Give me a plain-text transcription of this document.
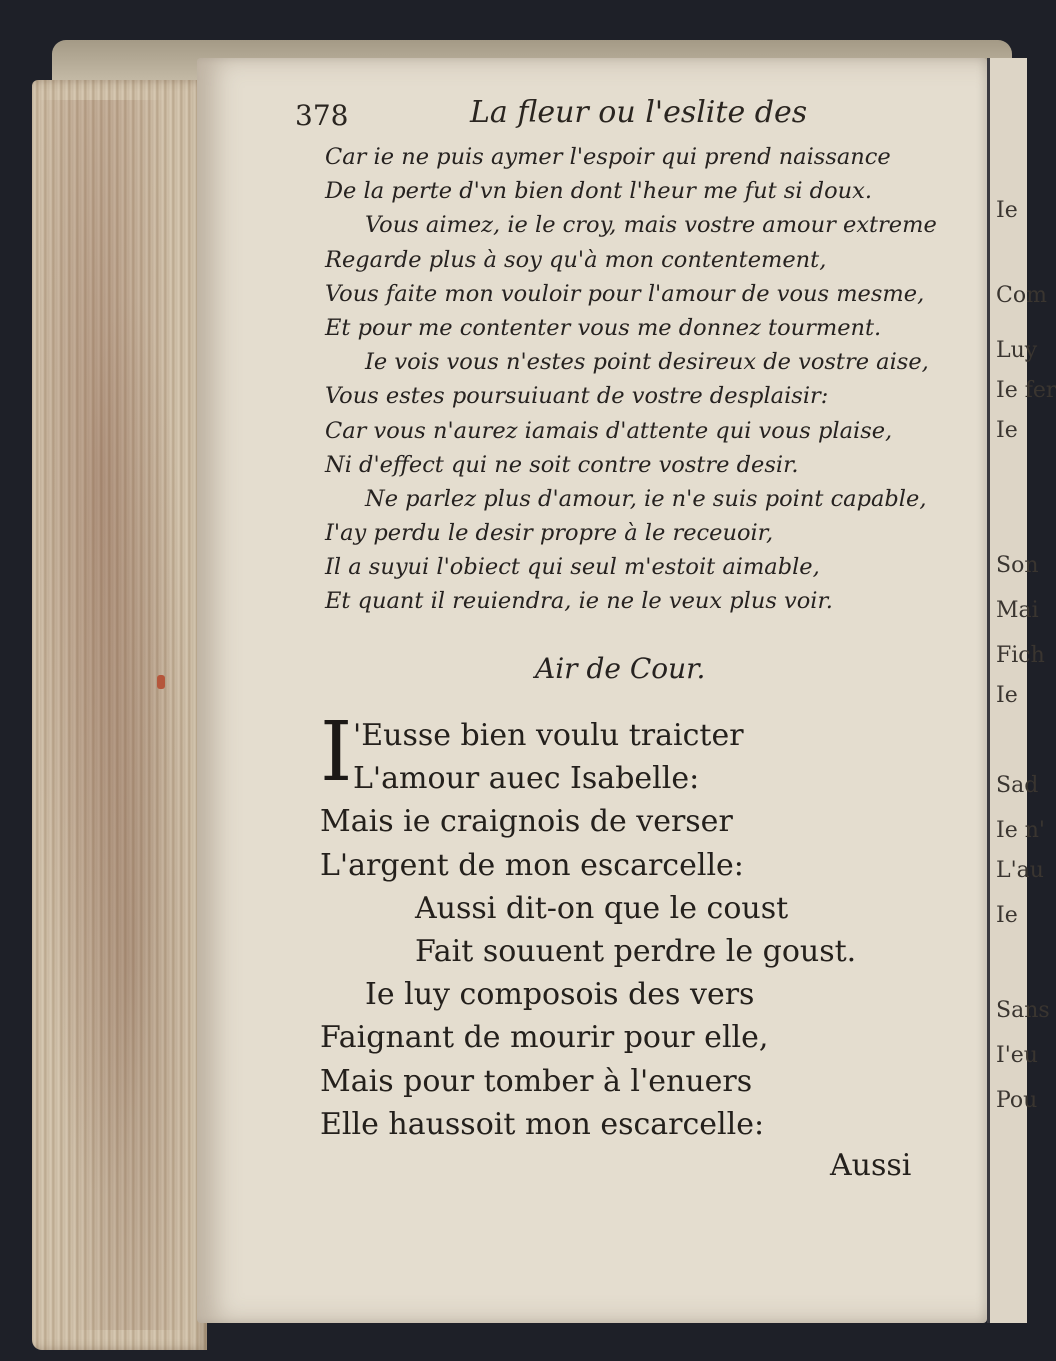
Ie
Com
Luy
Ie fer
Ie
Son
Mai
Fich
Ie
Sad
Ie n'
L'au
Ie
Sans
I'eu
Pou
378	La fleur ou l'eslite des
Car ie ne puis aymer l'espoir qui prend naissance
De la perte d'vn bien dont l'heur me fut si doux.
Vous aimez, ie le croy, mais vostre amour extreme
Regarde plus à soy qu'à mon contentement,
Vous faite mon vouloir pour l'amour de vous mesme,
Et pour me contenter vous me donnez tourment.
Ie vois vous n'estes point desireux de vostre aise,
Vous estes poursuiuant de vostre desplaisir:
Car vous n'aurez iamais d'attente qui vous plaise,
Ni d'effect qui ne soit contre vostre desir.
Ne parlez plus d'amour, ie n'e suis point capable,
I'ay perdu le desir propre à le receuoir,
Il a suyui l'obiect qui seul m'estoit aimable,
Et quant il reuiendra, ie ne le veux plus voir.
Air de Cour.
I 'Eusse bien voulu traicter
L'amour auec Isabelle:
Mais ie craignois de verser
L'argent de mon escarcelle:
Aussi dit-on que le coust
Fait souuent perdre le goust.
Ie luy composois des vers
Faignant de mourir pour elle,
Mais pour tomber à l'enuers
Elle haussoit mon escarcelle:
Aussi
